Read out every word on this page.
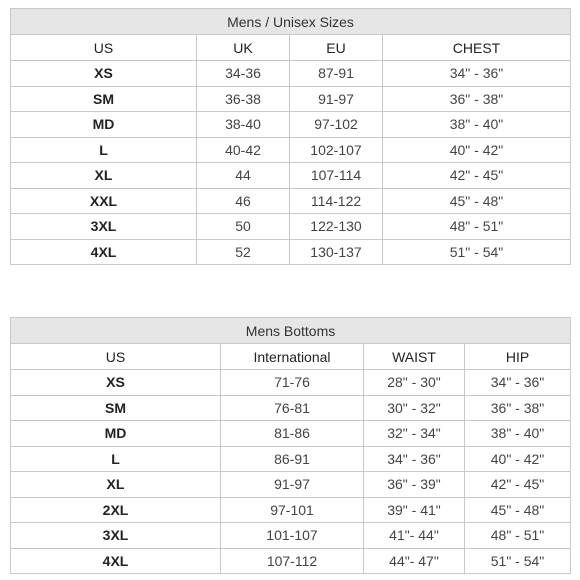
Mens / Unisex Sizes			
US	UK	EU	CHEST
XS	34-36	87-91	34" - 36"
SM	36-38	91-97	36" - 38"
MD	38-40	97-102	38" - 40"
L	40-42	102-107	40" - 42"
XL	44	107-114	42" - 45"
XXL	46	114-122	45" - 48"
3XL	50	122-130	48" - 51"
4XL	52	130-137	51" - 54"
Mens Bottoms			
US	International	WAIST	HIP
XS	71-76	28" - 30"	34" - 36"
SM	76-81	30" - 32"	36" - 38"
MD	81-86	32" - 34"	38" - 40"
L	86-91	34" - 36"	40" - 42"
XL	91-97	36" - 39"	42" - 45"
2XL	97-101	39" - 41"	45" - 48"
3XL	101-107	41"- 44"	48" - 51"
4XL	107-112	44"- 47"	51" - 54"
